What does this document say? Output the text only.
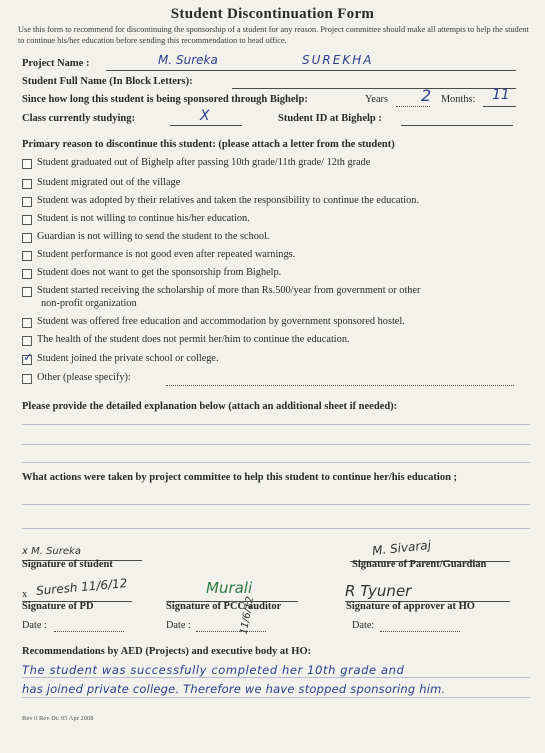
Student Discontinuation Form
Use this form to recommend for discontinuing the sponsorship of a student for any reason. Project committee should make all attempts to help the student to continue his/her education before sending this recommendation to head office.
Project Name :	M. Sureka	SUREKHA
Student Full Name (In Block Letters):
Since how long this student is being sponsored through Bighelp:	Years 2 Months: 11
Class currently studying:	X	Student ID at Bighelp :
Primary reason to discontinue this student: (please attach a letter from the student)
Student graduated out of Bighelp after passing 10th grade/11th grade/ 12th grade
Student migrated out of the village
Student was adopted by their relatives and taken the responsibility to continue the education.
Student is not willing to continue his/her education.
Guardian is not willing to send the student to the school.
Student performance is not good even after repeated warnings.
Student does not want to get the sponsorship from Bighelp.
Student started receiving the scholarship of more than Rs.500/year from government or other
Student was offered free education and accommodation by government sponsored hostel.
The health of the student does not permit her/him to continue the education.
✓ Student joined the private school or college.
Other (please specify):
non-profit organization
Please provide the detailed explanation below (attach an additional sheet if needed):
What actions were taken by project committee to help this student to continue her/his education ;
x M. Sureka
Signature of student
M. Sivaraj
Signature of Parent/Guardian
x Suresh 11/6/12
Signature of PD
Murali
Signature of PCC/auditor
R Tyuner
Signature of approver at HO
Date :	Date :	11/6/12	Date:
Recommendations by AED (Projects) and executive body at HO:
The student was successfully completed her 10th grade and
has joined private college. Therefore we have stopped sponsoring him.
Rev 0 Rev Dt: 05 Apr 2008
